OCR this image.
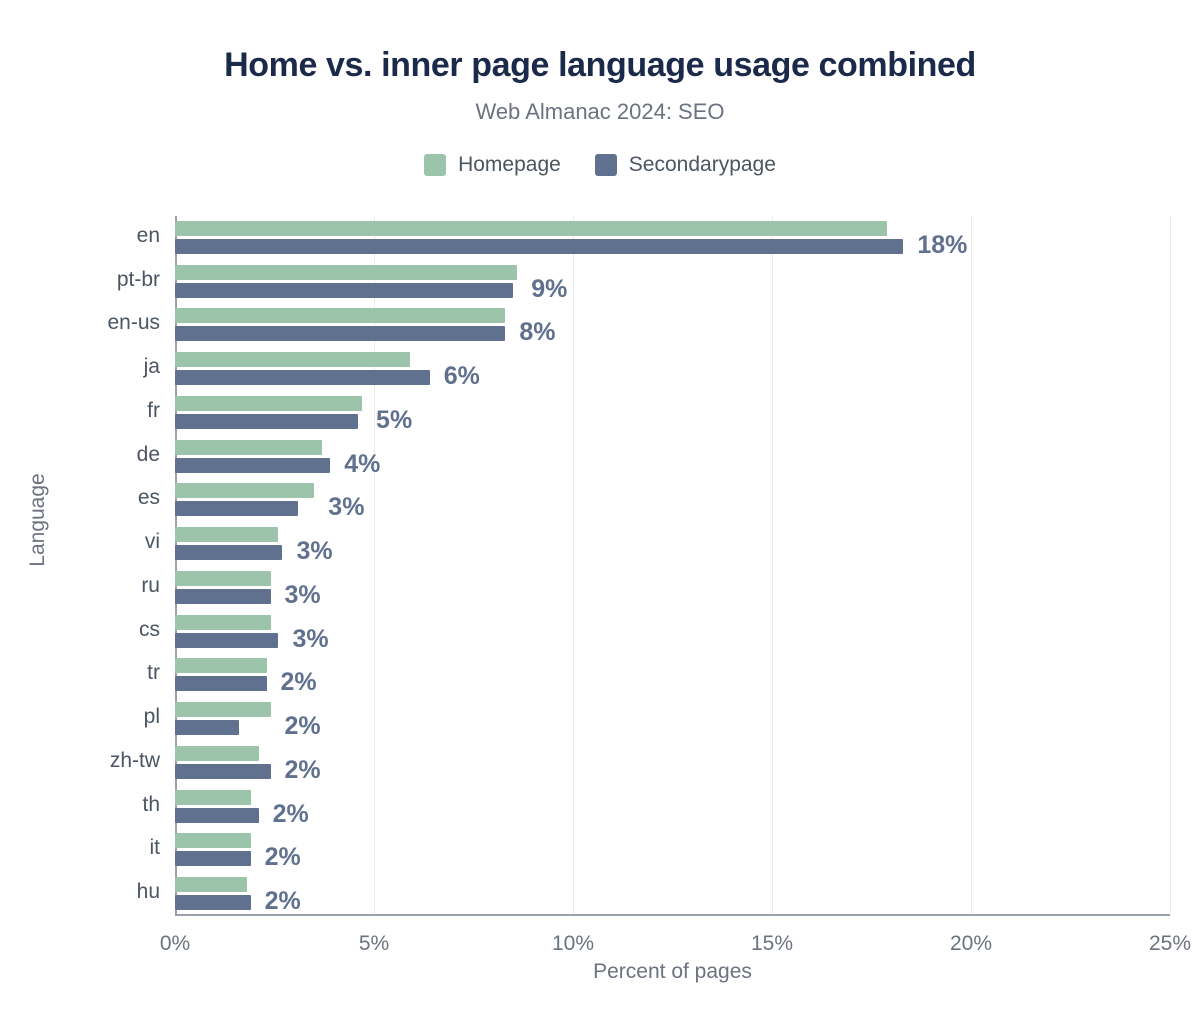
Home vs. inner page language usage combined
Web Almanac 2024: SEO
Homepage	Secondarypage
Language
en	18%
pt-br	9%
en-us	8%
ja	6%
fr	5%
de	4%
es	3%
vi	3%
ru	3%
cs	3%
tr	2%
pl	2%
zh-tw	2%
th	2%
it	2%
hu	2%
0%	5%	10%	15%	20%	25%
Percent of pages
